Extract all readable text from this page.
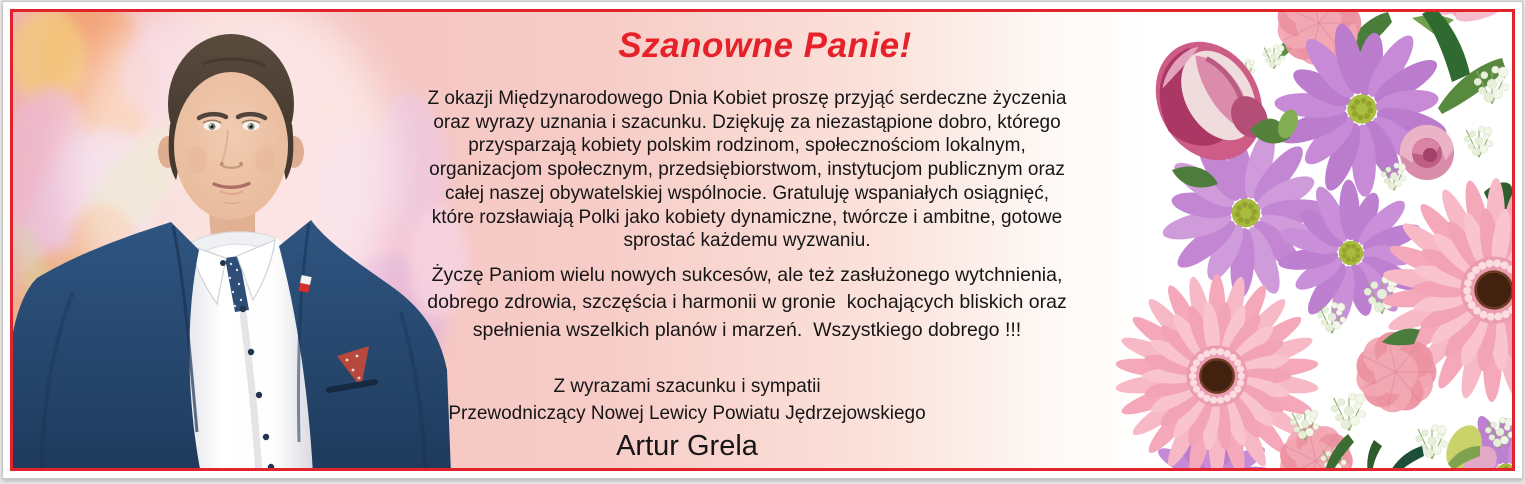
Szanowne Panie!
Z okazji Międzynarodowego Dnia Kobiet proszę przyjąć serdeczne życzenia
oraz wyrazy uznania i szacunku. Dziękuję za niezastąpione dobro, którego
przysparzają kobiety polskim rodzinom, społecznościom lokalnym,
organizacjom społecznym, przedsiębiorstwom, instytucjom publicznym oraz
całej naszej obywatelskiej wspólnocie. Gratuluję wspaniałych osiągnięć,
które rozsławiają Polki jako kobiety dynamiczne, twórcze i ambitne, gotowe
sprostać każdemu wyzwaniu.
Życzę Paniom wielu nowych sukcesów, ale też zasłużonego wytchnienia,
dobrego zdrowia, szczęścia i harmonii w gronie  kochających bliskich oraz
spełnienia wszelkich planów i marzeń.  Wszystkiego dobrego !!!
Z wyrazami szacunku i sympatii
Przewodniczący Nowej Lewicy Powiatu Jędrzejowskiego
Artur Grela
